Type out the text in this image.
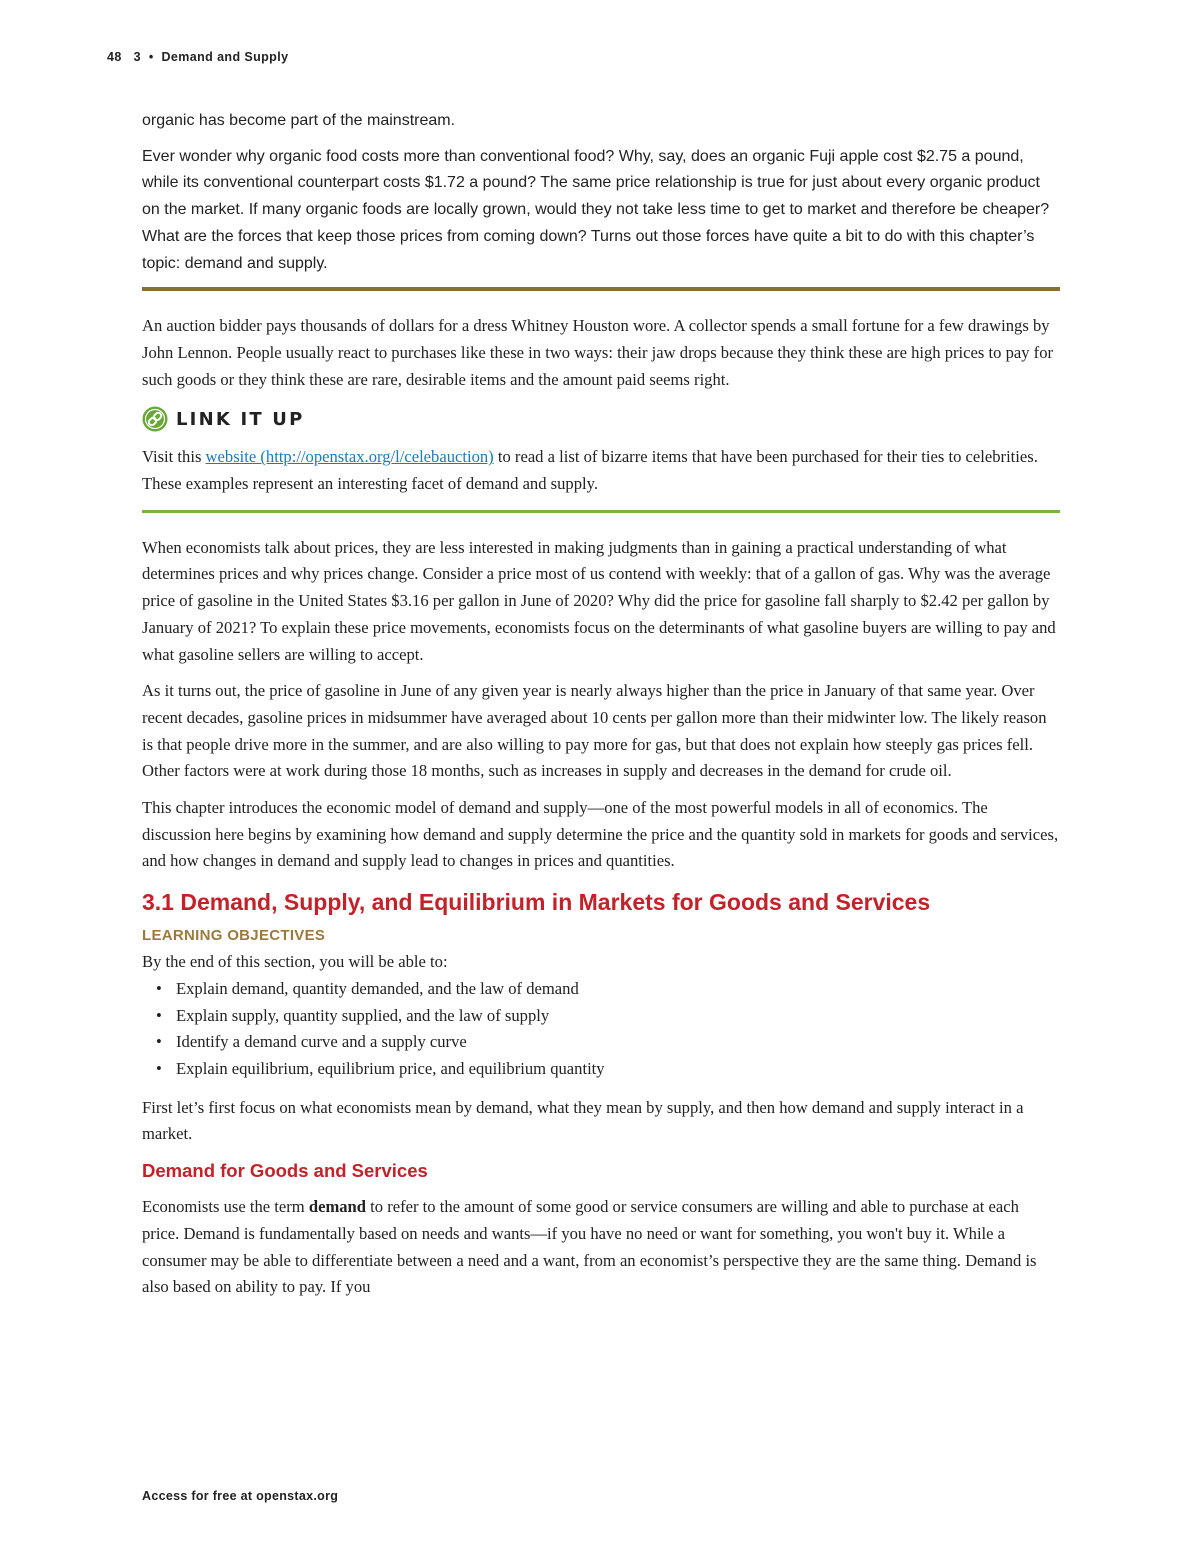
48 3 • Demand and Supply

organic has become part of the mainstream.

Ever wonder why organic food costs more than conventional food? Why, say, does an organic Fuji apple cost $2.75 a pound, while its conventional counterpart costs $1.72 a pound? The same price relationship is true for just about every organic product on the market. If many organic foods are locally grown, would they not take less time to get to market and therefore be cheaper? What are the forces that keep those prices from coming down? Turns out those forces have quite a bit to do with this chapter’s topic: demand and supply.

An auction bidder pays thousands of dollars for a dress Whitney Houston wore. A collector spends a small fortune for a few drawings by John Lennon. People usually react to purchases like these in two ways: their jaw drops because they think these are high prices to pay for such goods or they think these are rare, desirable items and the amount paid seems right.

LINK IT UP

Visit this website (http://openstax.org/l/celebauction) to read a list of bizarre items that have been purchased for their ties to celebrities. These examples represent an interesting facet of demand and supply.

When economists talk about prices, they are less interested in making judgments than in gaining a practical understanding of what determines prices and why prices change. Consider a price most of us contend with weekly: that of a gallon of gas. Why was the average price of gasoline in the United States $3.16 per gallon in June of 2020? Why did the price for gasoline fall sharply to $2.42 per gallon by January of 2021? To explain these price movements, economists focus on the determinants of what gasoline buyers are willing to pay and what gasoline sellers are willing to accept.

As it turns out, the price of gasoline in June of any given year is nearly always higher than the price in January of that same year. Over recent decades, gasoline prices in midsummer have averaged about 10 cents per gallon more than their midwinter low. The likely reason is that people drive more in the summer, and are also willing to pay more for gas, but that does not explain how steeply gas prices fell. Other factors were at work during those 18 months, such as increases in supply and decreases in the demand for crude oil.

This chapter introduces the economic model of demand and supply—one of the most powerful models in all of economics. The discussion here begins by examining how demand and supply determine the price and the quantity sold in markets for goods and services, and how changes in demand and supply lead to changes in prices and quantities.

3.1 Demand, Supply, and Equilibrium in Markets for Goods and Services
LEARNING OBJECTIVES

By the end of this section, you will be able to:

• Explain demand, quantity demanded, and the law of demand
• Explain supply, quantity supplied, and the law of supply
• Identify a demand curve and a supply curve
• Explain equilibrium, equilibrium price, and equilibrium quantity

First let’s first focus on what economists mean by demand, what they mean by supply, and then how demand and supply interact in a market.

Demand for Goods and Services

Economists use the term demand to refer to the amount of some good or service consumers are willing and able to purchase at each price. Demand is fundamentally based on needs and wants—if you have no need or want for something, you won't buy it. While a consumer may be able to differentiate between a need and a want, from an economist’s perspective they are the same thing. Demand is also based on ability to pay. If you

Access for free at openstax.org
